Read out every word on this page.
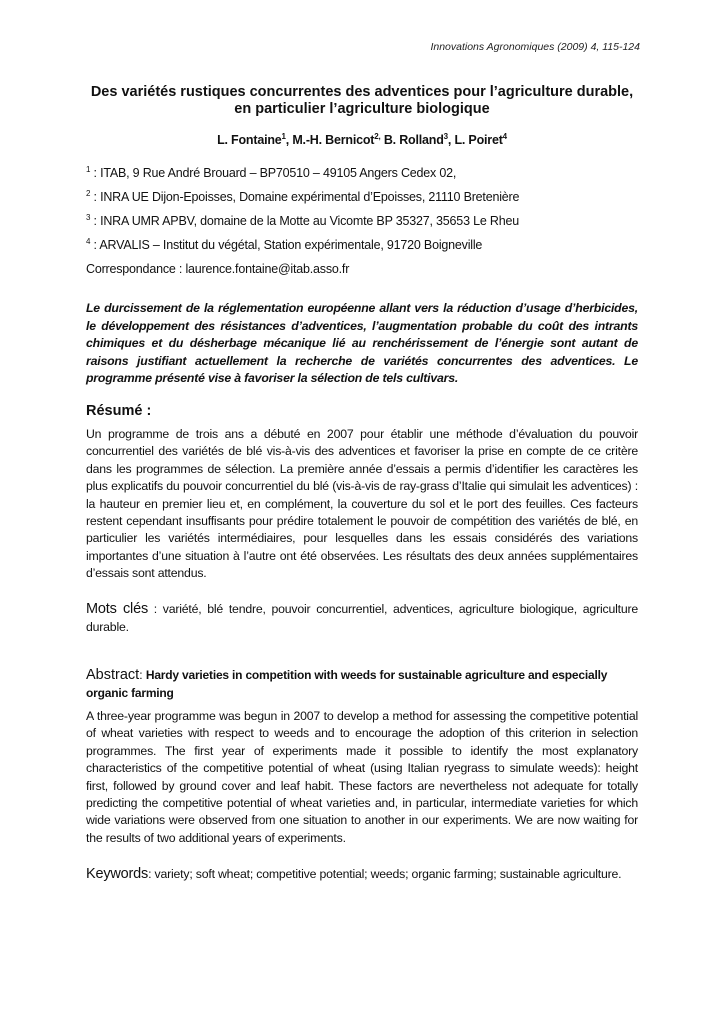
Innovations Agronomiques (2009) 4, 115-124
Des variétés rustiques concurrentes des adventices pour l’agriculture durable,
en particulier l’agriculture biologique
L. Fontaine$^1$, M.-H. Bernicot$^{2,}$ B. Rolland$^3$, L. Poiret$^4$
$^1$ : ITAB, 9 Rue André Brouard – BP70510 – 49105 Angers Cedex 02,
$^2$ : INRA UE Dijon-Epoisses, Domaine expérimental d’Epoisses, 21110 Bretenière
$^3$ : INRA UMR APBV, domaine de la Motte au Vicomte BP 35327, 35653 Le Rheu
$^4$ : ARVALIS – Institut du végétal, Station expérimentale, 91720 Boigneville
Correspondance : laurence.fontaine@itab.asso.fr
Le durcissement de la réglementation européenne allant vers la réduction d’usage d’herbicides, le développement des résistances d’adventices, l’augmentation probable du coût des intrants chimiques et du désherbage mécanique lié au renchérissement de l’énergie sont autant de raisons justifiant actuellement la recherche de variétés concurrentes des adventices. Le programme présenté vise à favoriser la sélection de tels cultivars.
Résumé :
Un programme de trois ans a débuté en 2007 pour établir une méthode d’évaluation du pouvoir concurrentiel des variétés de blé vis-à-vis des adventices et favoriser la prise en compte de ce critère dans les programmes de sélection. La première année d’essais a permis d’identifier les caractères les plus explicatifs du pouvoir concurrentiel du blé (vis-à-vis de ray-grass d’Italie qui simulait les adventices) : la hauteur en premier lieu et, en complément, la couverture du sol et le port des feuilles. Ces facteurs restent cependant insuffisants pour prédire totalement le pouvoir de compétition des variétés de blé, en particulier les variétés intermédiaires, pour lesquelles dans les essais considérés des variations importantes d’une situation à l’autre ont été observées. Les résultats des deux années supplémentaires d’essais sont attendus.
Mots clés : variété, blé tendre, pouvoir concurrentiel, adventices, agriculture biologique, agriculture durable.
Abstract: Hardy varieties in competition with weeds for sustainable agriculture and especially organic farming
A three-year programme was begun in 2007 to develop a method for assessing the competitive potential of wheat varieties with respect to weeds and to encourage the adoption of this criterion in selection programmes. The first year of experiments made it possible to identify the most explanatory characteristics of the competitive potential of wheat (using Italian ryegrass to simulate weeds): height first, followed by ground cover and leaf habit. These factors are nevertheless not adequate for totally predicting the competitive potential of wheat varieties and, in particular, intermediate varieties for which wide variations were observed from one situation to another in our experiments. We are now waiting for the results of two additional years of experiments.
Keywords: variety; soft wheat; competitive potential; weeds; organic farming; sustainable agriculture.
